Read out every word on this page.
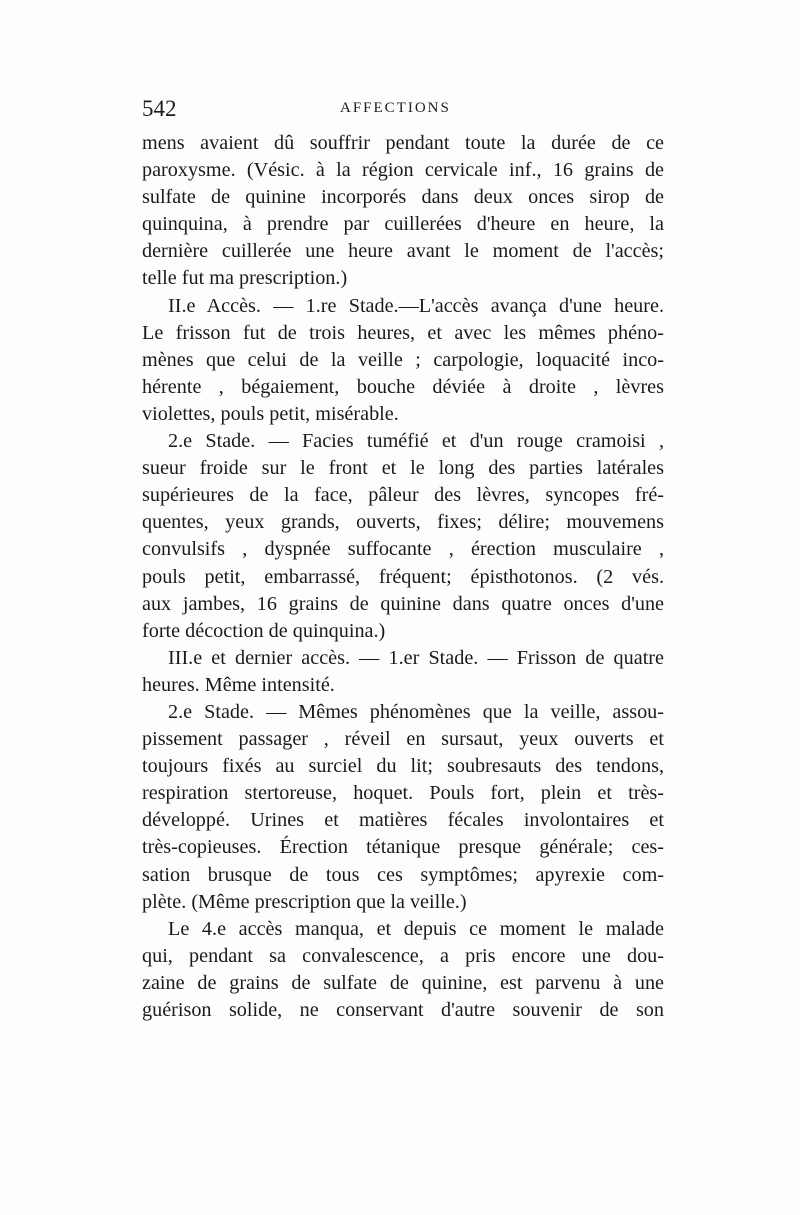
542	AFFECTIONS
mens avaient dû souffrir pendant toute la durée de ce
paroxysme. (Vésic. à la région cervicale inf., 16 grains de
sulfate de quinine incorporés dans deux onces sirop de
quinquina, à prendre par cuillerées d'heure en heure, la
dernière cuillerée une heure avant le moment de l'accès;
telle fut ma prescription.)
II.e Accès. — 1.re Stade.—L'accès avança d'une heure.
Le frisson fut de trois heures, et avec les mêmes phéno-
mènes que celui de la veille ; carpologie, loquacité inco-
hérente , bégaiement, bouche déviée à droite , lèvres
violettes, pouls petit, misérable.
2.e Stade. — Facies tuméfié et d'un rouge cramoisi ,
sueur froide sur le front et le long des parties latérales
supérieures de la face, pâleur des lèvres, syncopes fré-
quentes, yeux grands, ouverts, fixes; délire; mouvemens
convulsifs , dyspnée suffocante , érection musculaire ,
pouls petit, embarrassé, fréquent; épisthotonos. (2 vés.
aux jambes, 16 grains de quinine dans quatre onces d'une
forte décoction de quinquina.)
III.e et dernier accès. — 1.er Stade. — Frisson de quatre
heures. Même intensité.
2.e Stade. — Mêmes phénomènes que la veille, assou-
pissement passager , réveil en sursaut, yeux ouverts et
toujours fixés au surciel du lit; soubresauts des tendons,
respiration stertoreuse, hoquet. Pouls fort, plein et très-
développé. Urines et matières fécales involontaires et
très-copieuses. Érection tétanique presque générale; ces-
sation brusque de tous ces symptômes; apyrexie com-
plète. (Même prescription que la veille.)
Le 4.e accès manqua, et depuis ce moment le malade
qui, pendant sa convalescence, a pris encore une dou-
zaine de grains de sulfate de quinine, est parvenu à une
guérison solide, ne conservant d'autre souvenir de son
